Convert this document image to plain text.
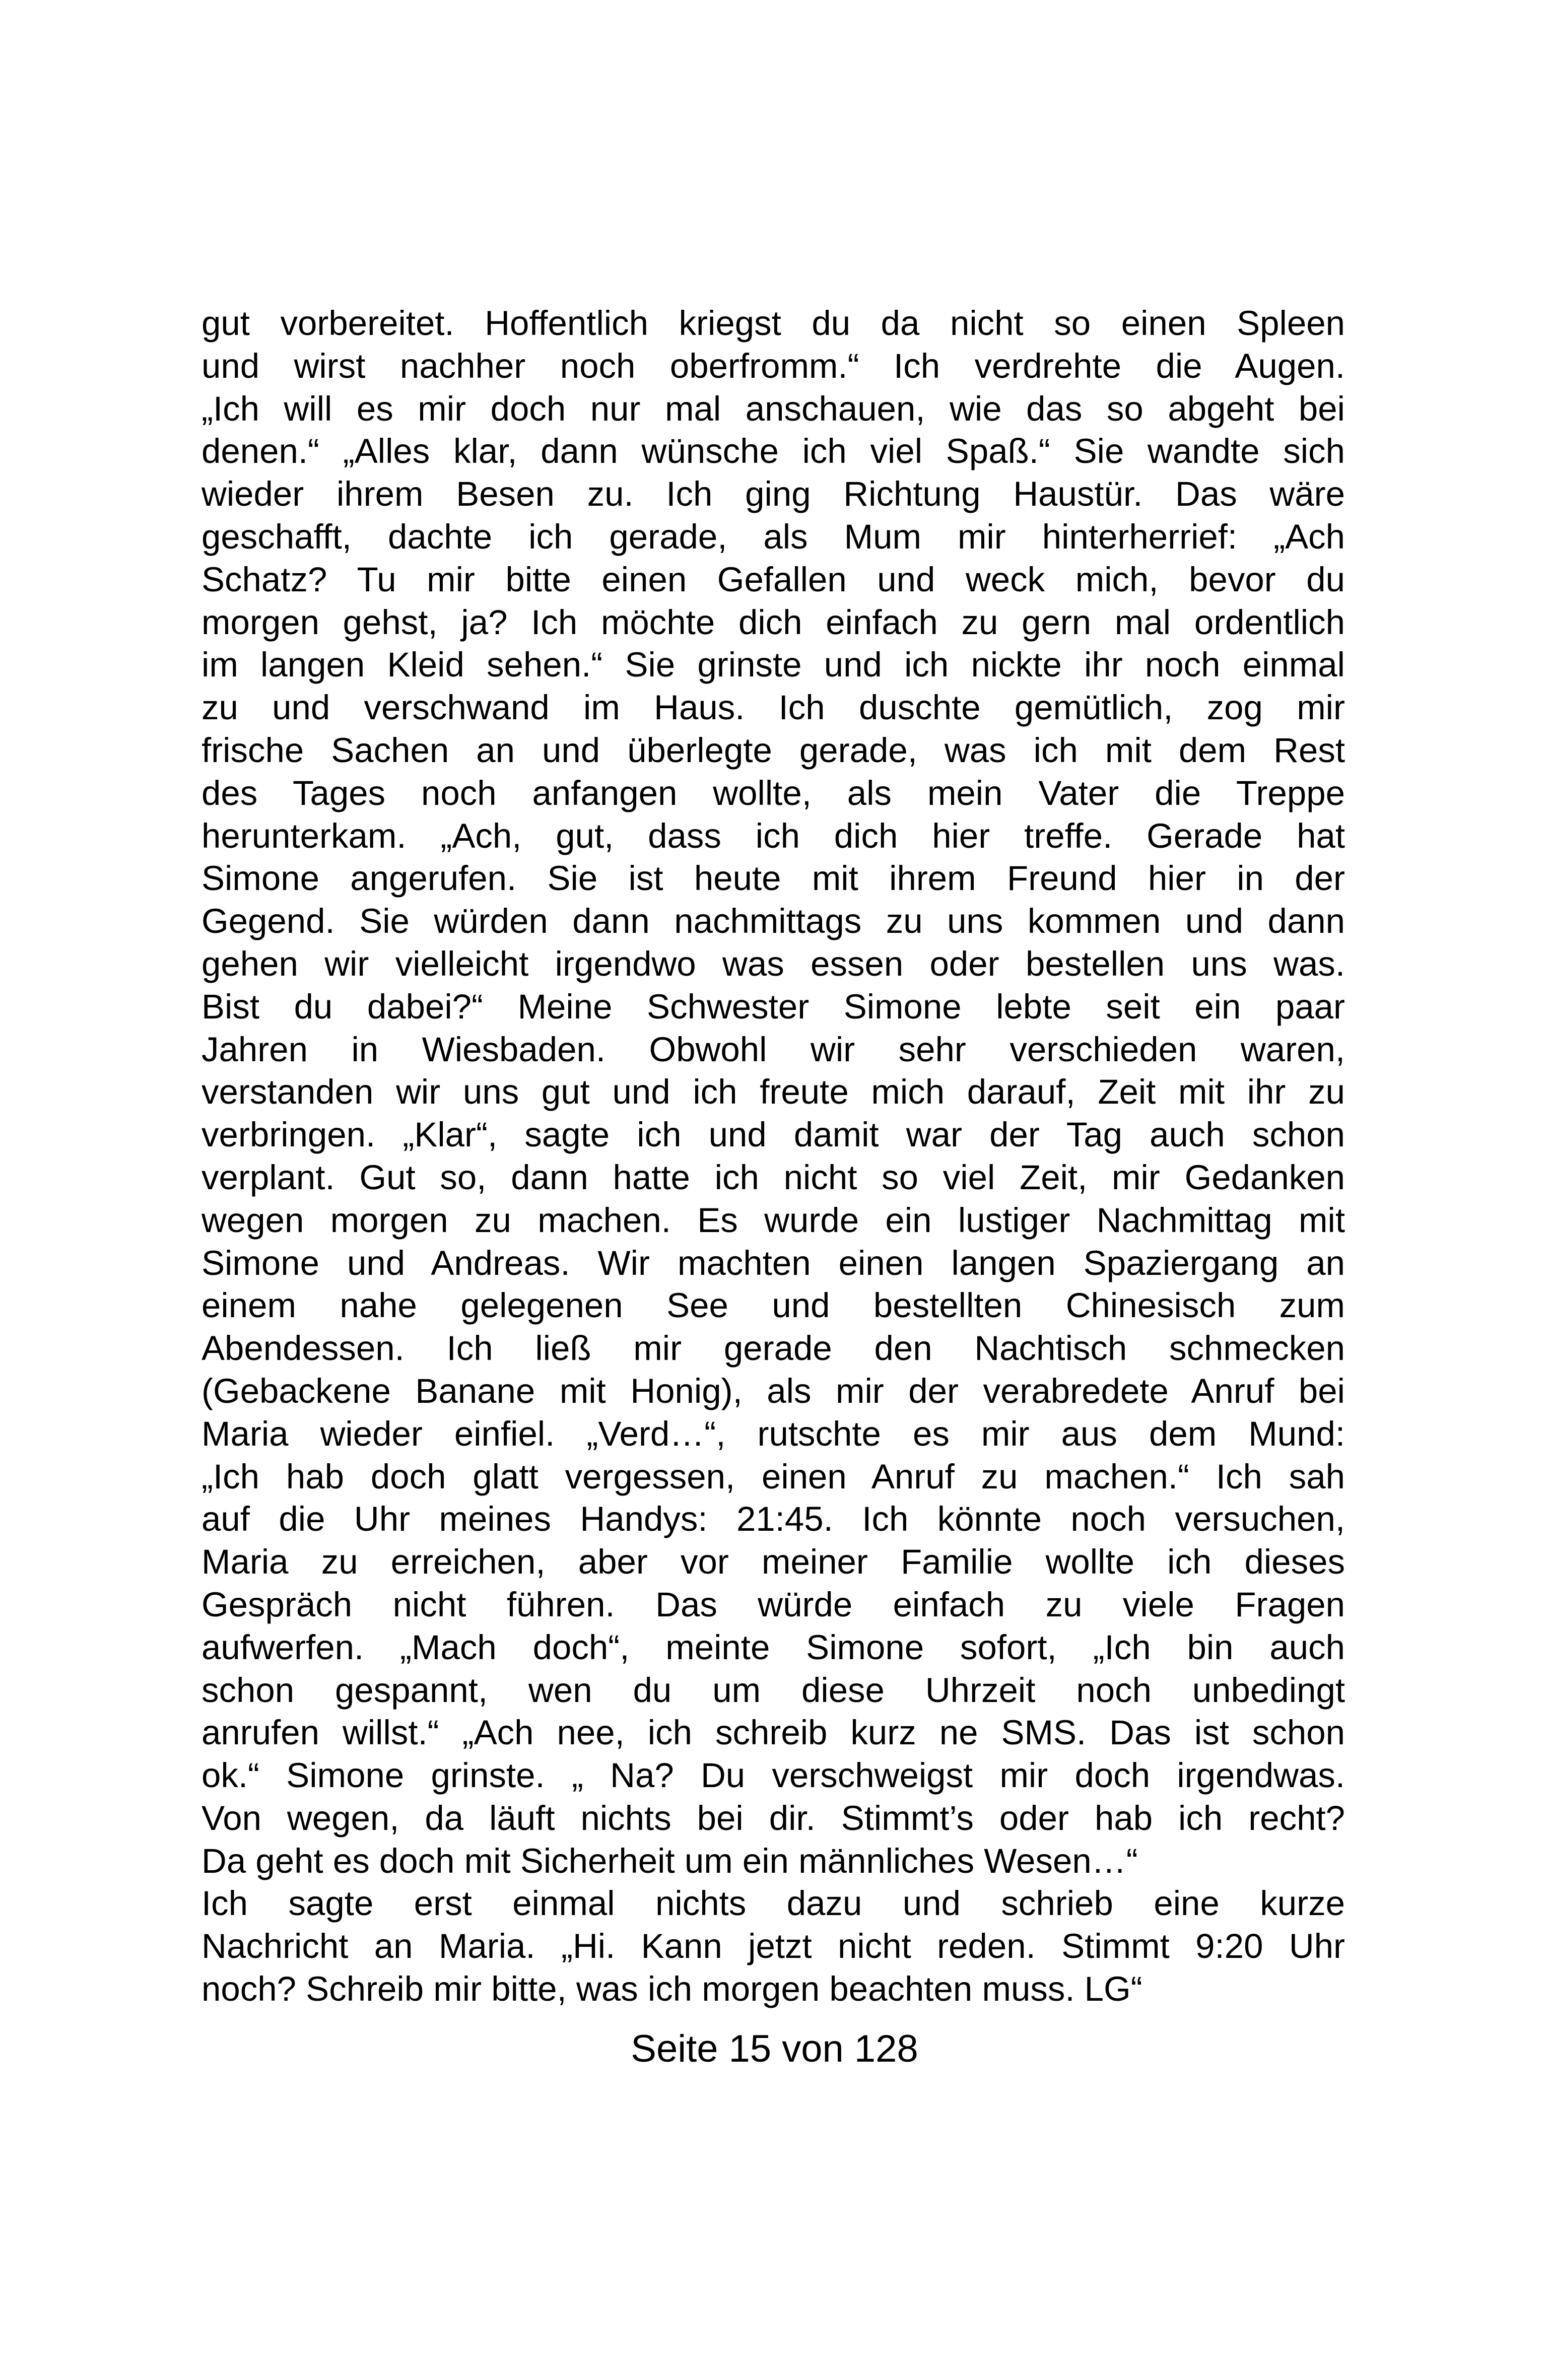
gut vorbereitet. Hoffentlich kriegst du da nicht so einen Spleen
und wirst nachher noch oberfromm.“ Ich verdrehte die Augen.
„Ich will es mir doch nur mal anschauen, wie das so abgeht bei
denen.“ „Alles klar, dann wünsche ich viel Spaß.“ Sie wandte sich
wieder ihrem Besen zu. Ich ging Richtung Haustür. Das wäre
geschafft, dachte ich gerade, als Mum mir hinterherrief: „Ach
Schatz? Tu mir bitte einen Gefallen und weck mich, bevor du
morgen gehst, ja? Ich möchte dich einfach zu gern mal ordentlich
im langen Kleid sehen.“ Sie grinste und ich nickte ihr noch einmal
zu und verschwand im Haus. Ich duschte gemütlich, zog mir
frische Sachen an und überlegte gerade, was ich mit dem Rest
des Tages noch anfangen wollte, als mein Vater die Treppe
herunterkam. „Ach, gut, dass ich dich hier treffe. Gerade hat
Simone angerufen. Sie ist heute mit ihrem Freund hier in der
Gegend. Sie würden dann nachmittags zu uns kommen und dann
gehen wir vielleicht irgendwo was essen oder bestellen uns was.
Bist du dabei?“ Meine Schwester Simone lebte seit ein paar
Jahren in Wiesbaden. Obwohl wir sehr verschieden waren,
verstanden wir uns gut und ich freute mich darauf, Zeit mit ihr zu
verbringen. „Klar“, sagte ich und damit war der Tag auch schon
verplant. Gut so, dann hatte ich nicht so viel Zeit, mir Gedanken
wegen morgen zu machen. Es wurde ein lustiger Nachmittag mit
Simone und Andreas. Wir machten einen langen Spaziergang an
einem nahe gelegenen See und bestellten Chinesisch zum
Abendessen. Ich ließ mir gerade den Nachtisch schmecken
(Gebackene Banane mit Honig), als mir der verabredete Anruf bei
Maria wieder einfiel. „Verd…“, rutschte es mir aus dem Mund:
„Ich hab doch glatt vergessen, einen Anruf zu machen.“ Ich sah
auf die Uhr meines Handys: 21:45. Ich könnte noch versuchen,
Maria zu erreichen, aber vor meiner Familie wollte ich dieses
Gespräch nicht führen. Das würde einfach zu viele Fragen
aufwerfen. „Mach doch“, meinte Simone sofort, „Ich bin auch
schon gespannt, wen du um diese Uhrzeit noch unbedingt
anrufen willst.“ „Ach nee, ich schreib kurz ne SMS. Das ist schon
ok.“ Simone grinste. „ Na? Du verschweigst mir doch irgendwas.
Von wegen, da läuft nichts bei dir. Stimmt’s oder hab ich recht?
Da geht es doch mit Sicherheit um ein männliches Wesen…“
Ich sagte erst einmal nichts dazu und schrieb eine kurze
Nachricht an Maria. „Hi. Kann jetzt nicht reden. Stimmt 9:20 Uhr
noch? Schreib mir bitte, was ich morgen beachten muss. LG“
Seite 15 von 128
